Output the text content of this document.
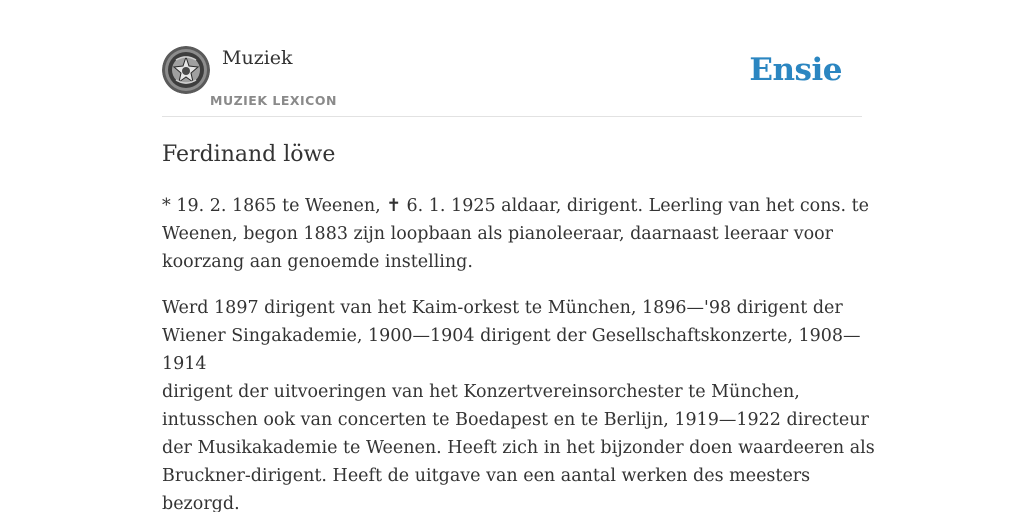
Muziek
MUZIEK LEXICON
Ensie
Ferdinand löwe

* 19. 2. 1865 te Weenen, ✝ 6. 1. 1925 aldaar, dirigent. Leerling van het cons. te
Weenen, begon 1883 zijn loopbaan als pianoleeraar, daarnaast leeraar voor
koorzang aan genoemde instelling.

Werd 1897 dirigent van het Kaim-orkest te München, 1896—'98 dirigent der
Wiener Singakademie, 1900—1904 dirigent der Gesellschaftskonzerte, 1908—1914
dirigent der uitvoeringen van het Konzertvereinsorchester te München,
intusschen ook van concerten te Boedapest en te Berlijn, 1919—1922 directeur
der Musikakademie te Weenen. Heeft zich in het bijzonder doen waardeeren als
Bruckner-dirigent. Heeft de uitgave van een aantal werken des meesters bezorgd.
